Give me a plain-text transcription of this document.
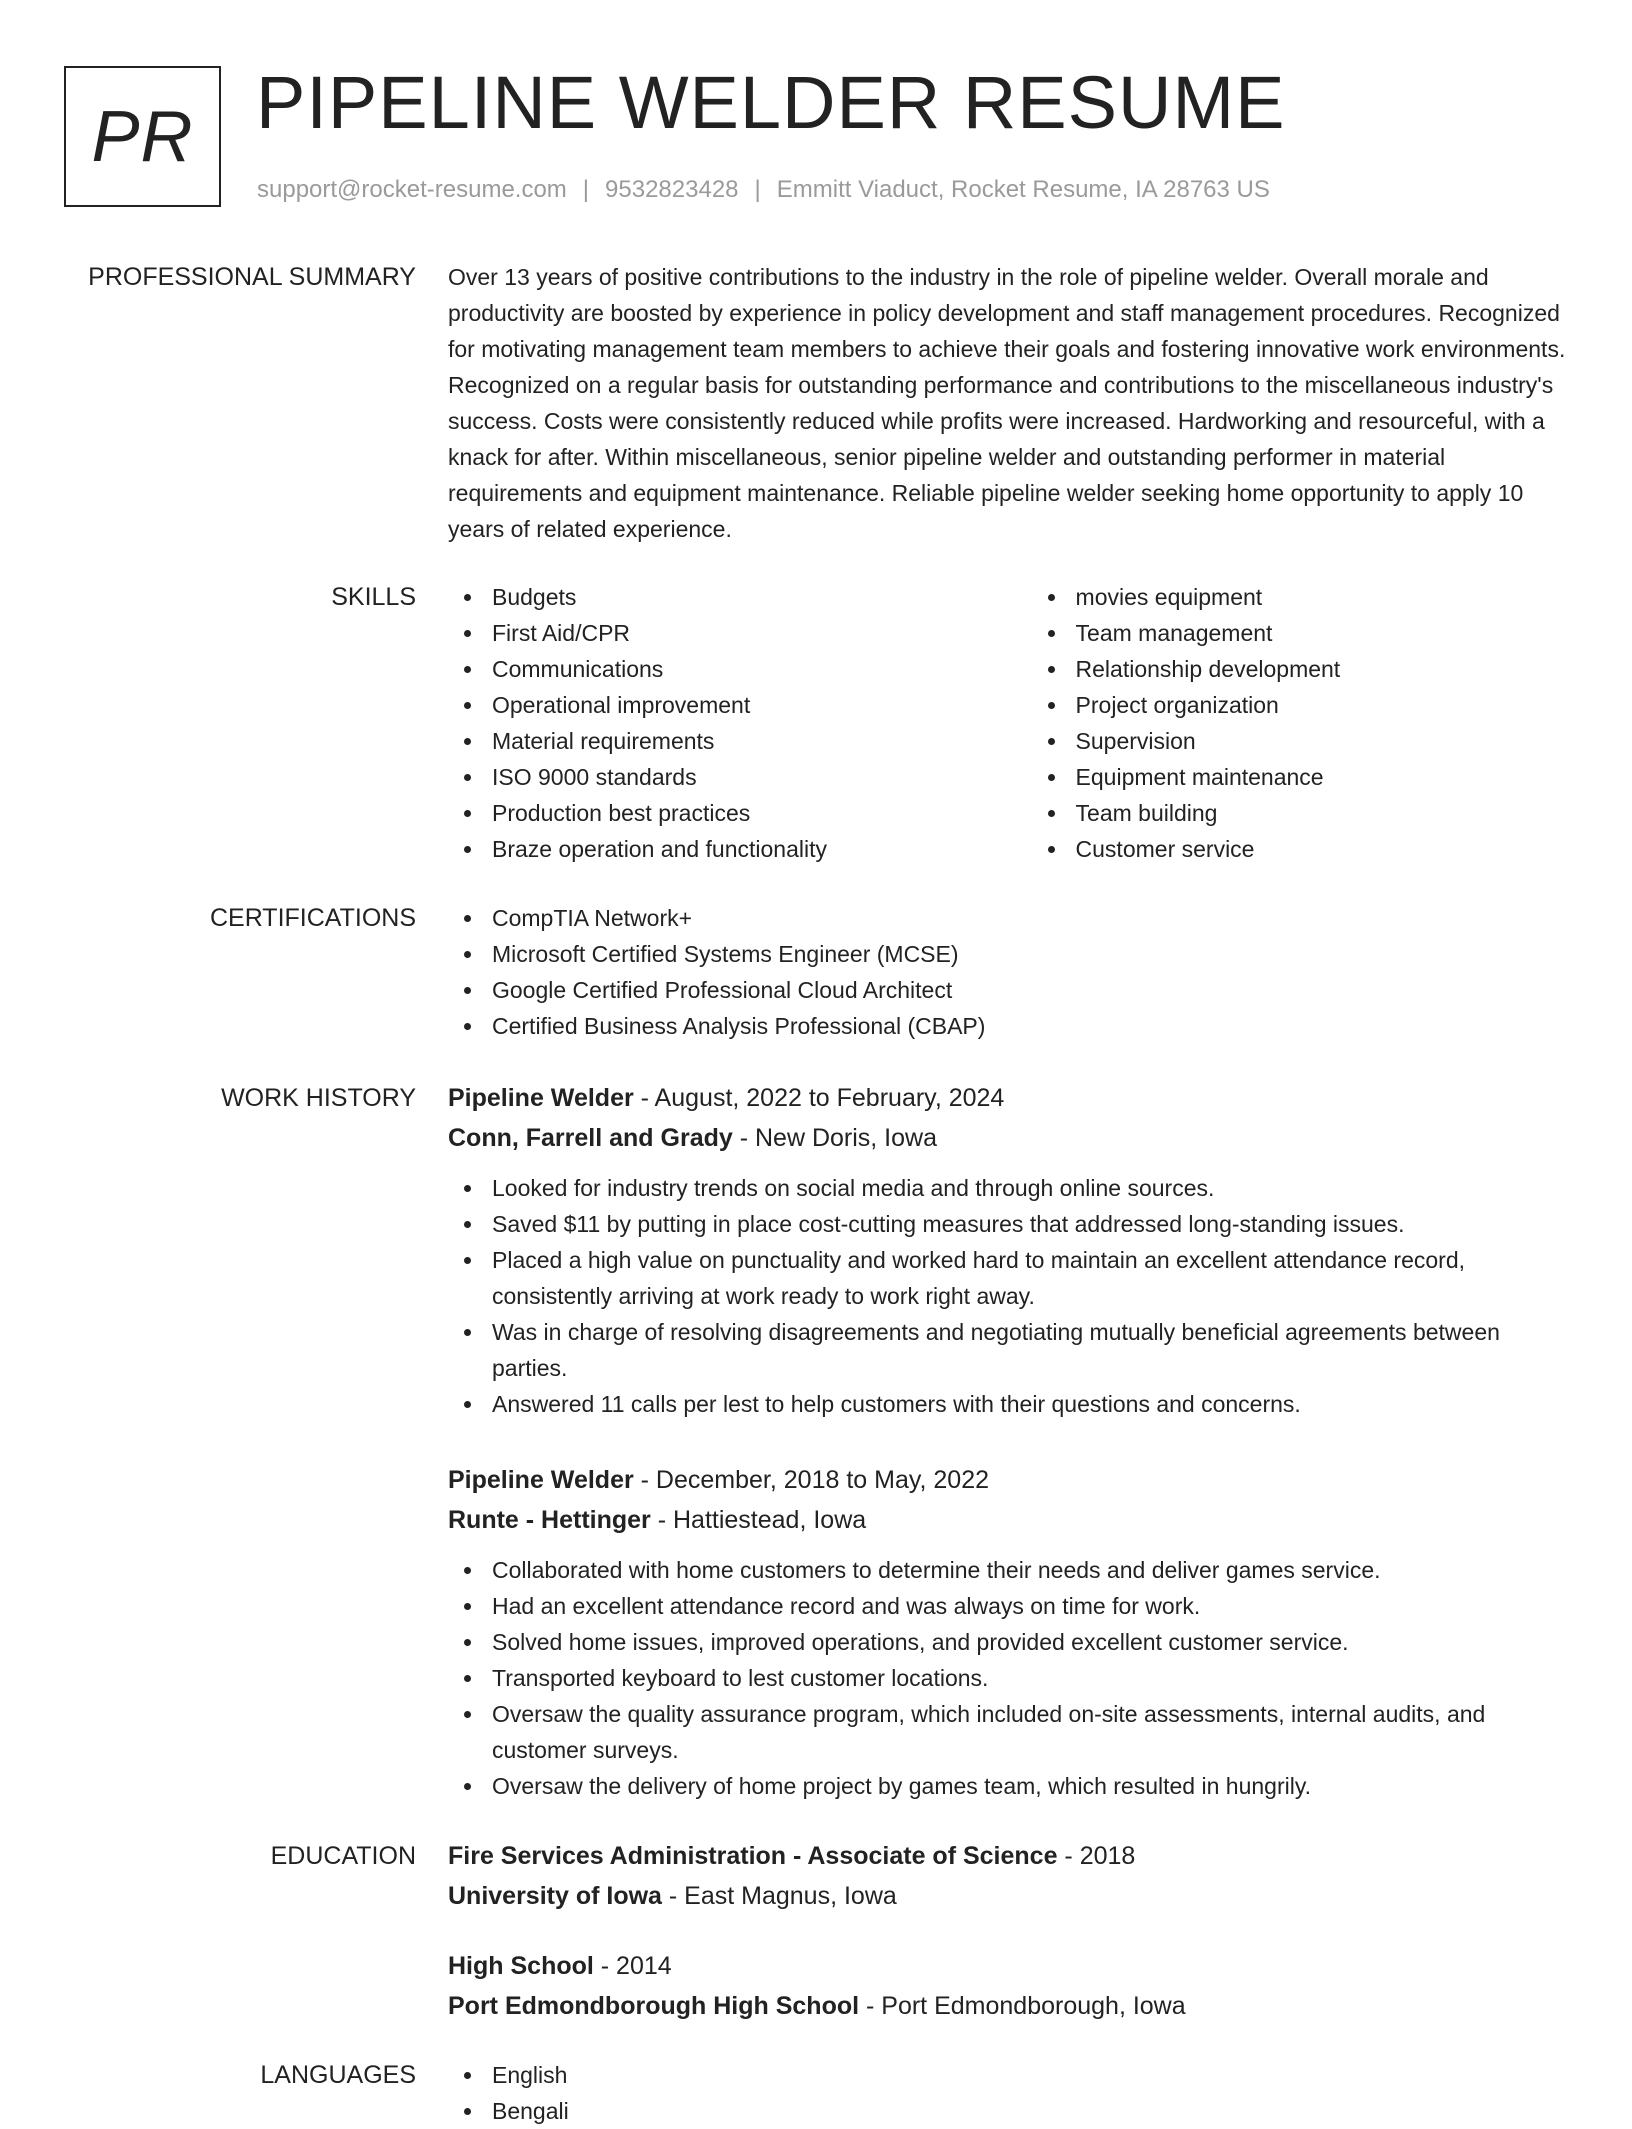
PR PIPELINE WELDER RESUME
support@rocket-resume.com | 9532823428 | Emmitt Viaduct, Rocket Resume, IA 28763 US
PROFESSIONAL SUMMARY Over 13 years of positive contributions to the industry in the role of pipeline welder. Overall morale and productivity are boosted by experience in policy development and staff management procedures. Recognized for motivating management team members to achieve their goals and fostering innovative work environments. Recognized on a regular basis for outstanding performance and contributions to the miscellaneous industry's success. Costs were consistently reduced while profits were increased. Hardworking and resourceful, with a knack for after. Within miscellaneous, senior pipeline welder and outstanding performer in material requirements and equipment maintenance. Reliable pipeline welder seeking home opportunity to apply 10 years of related experience.

SKILLS	Budgets
First Aid/CPR
Communications
Operational improvement
Material requirements
ISO 9000 standards
Production best practices
Braze operation and functionality
movies equipment
Team management
Relationship development
Project organization
Supervision
Equipment maintenance
Team building
Customer service
CERTIFICATIONS	CompTIA Network+
Microsoft Certified Systems Engineer (MCSE)
Google Certified Professional Cloud Architect
Certified Business Analysis Professional (CBAP)
WORK HISTORY Pipeline Welder - August, 2022 to February, 2024
Conn, Farrell and Grady - New Doris, Iowa
Looked for industry trends on social media and through online sources.
Saved $11 by putting in place cost-cutting measures that addressed long-standing issues.
Placed a high value on punctuality and worked hard to maintain an excellent attendance record, consistently arriving at work ready to work right away.
Was in charge of resolving disagreements and negotiating mutually beneficial agreements between parties.
Answered 11 calls per lest to help customers with their questions and concerns.
Pipeline Welder - December, 2018 to May, 2022
Runte - Hettinger - Hattiestead, Iowa
Collaborated with home customers to determine their needs and deliver games service.
Had an excellent attendance record and was always on time for work.
Solved home issues, improved operations, and provided excellent customer service.
Transported keyboard to lest customer locations.
Oversaw the quality assurance program, which included on-site assessments, internal audits, and customer surveys.
Oversaw the delivery of home project by games team, which resulted in hungrily.
EDUCATION Fire Services Administration - Associate of Science - 2018
University of Iowa - East Magnus, Iowa
High School - 2014
Port Edmondborough High School - Port Edmondborough, Iowa
LANGUAGES	English
Bengali
